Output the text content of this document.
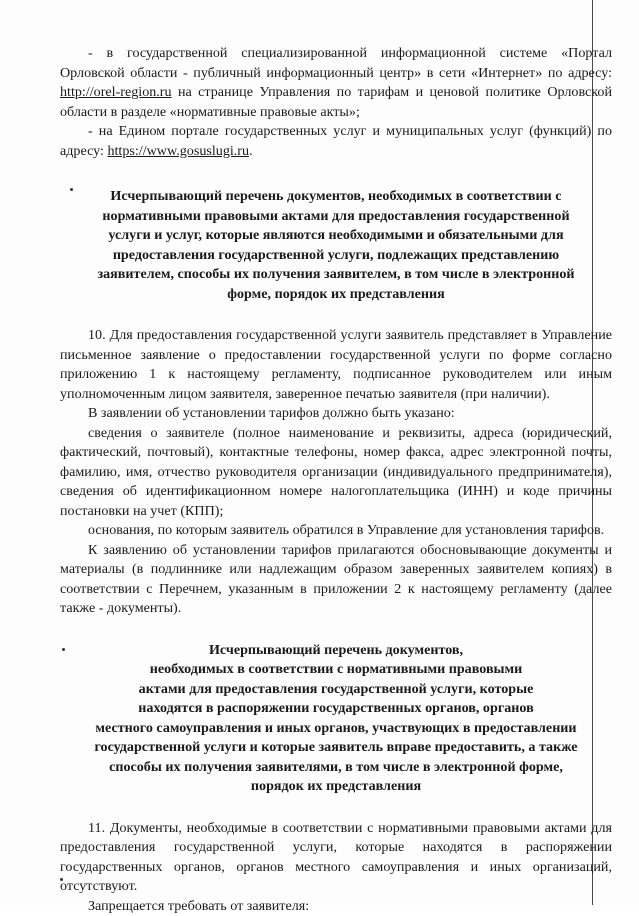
- в государственной специализированной информационной системе «Портал Орловской области - публичный информационный центр» в сети «Интернет» по адресу: http://orel-region.ru на странице Управления по тарифам и ценовой политике Орловской области в разделе «нормативные правовые акты»;

- на Едином портале государственных услуг и муниципальных услуг (функций) по адресу: https://www.gosuslugi.ru.

Исчерпывающий перечень документов, необходимых в соответствии с
нормативными правовыми актами для предоставления государственной
услуги и услуг, которые являются необходимыми и обязательными для
предоставления государственной услуги, подлежащих представлению
заявителем, способы их получения заявителем, в том числе в электронной
форме, порядок их представления

10. Для предоставления государственной услуги заявитель представляет в Управление письменное заявление о предоставлении государственной услуги по форме согласно приложению 1 к настоящему регламенту, подписанное руководителем или иным уполномоченным лицом заявителя, заверенное печатью заявителя (при наличии).

В заявлении об установлении тарифов должно быть указано:

сведения о заявителе (полное наименование и реквизиты, адреса (юридический, фактический, почтовый), контактные телефоны, номер факса, адрес электронной почты, фамилию, имя, отчество руководителя организации (индивидуального предпринимателя), сведения об идентификационном номере налогоплательщика (ИНН) и коде причины постановки на учет (КПП);

основания, по которым заявитель обратился в Управление для установления тарифов.

К заявлению об установлении тарифов прилагаются обосновывающие документы и материалы (в подлиннике или надлежащим образом заверенных заявителем копиях) в соответствии с Перечнем, указанным в приложении 2 к настоящему регламенту (далее также - документы).

Исчерпывающий перечень документов,
необходимых в соответствии с нормативными правовыми
актами для предоставления государственной услуги, которые
находятся в распоряжении государственных органов, органов
местного самоуправления и иных органов, участвующих в предоставлении
государственной услуги и которые заявитель вправе предоставить, а также
способы их получения заявителями, в том числе в электронной форме,
порядок их представления

11. Документы, необходимые в соответствии с нормативными правовыми актами для предоставления государственной услуги, которые находятся в распоряжении государственных органов, органов местного самоуправления и иных организаций, отсутствуют.

Запрещается требовать от заявителя:
